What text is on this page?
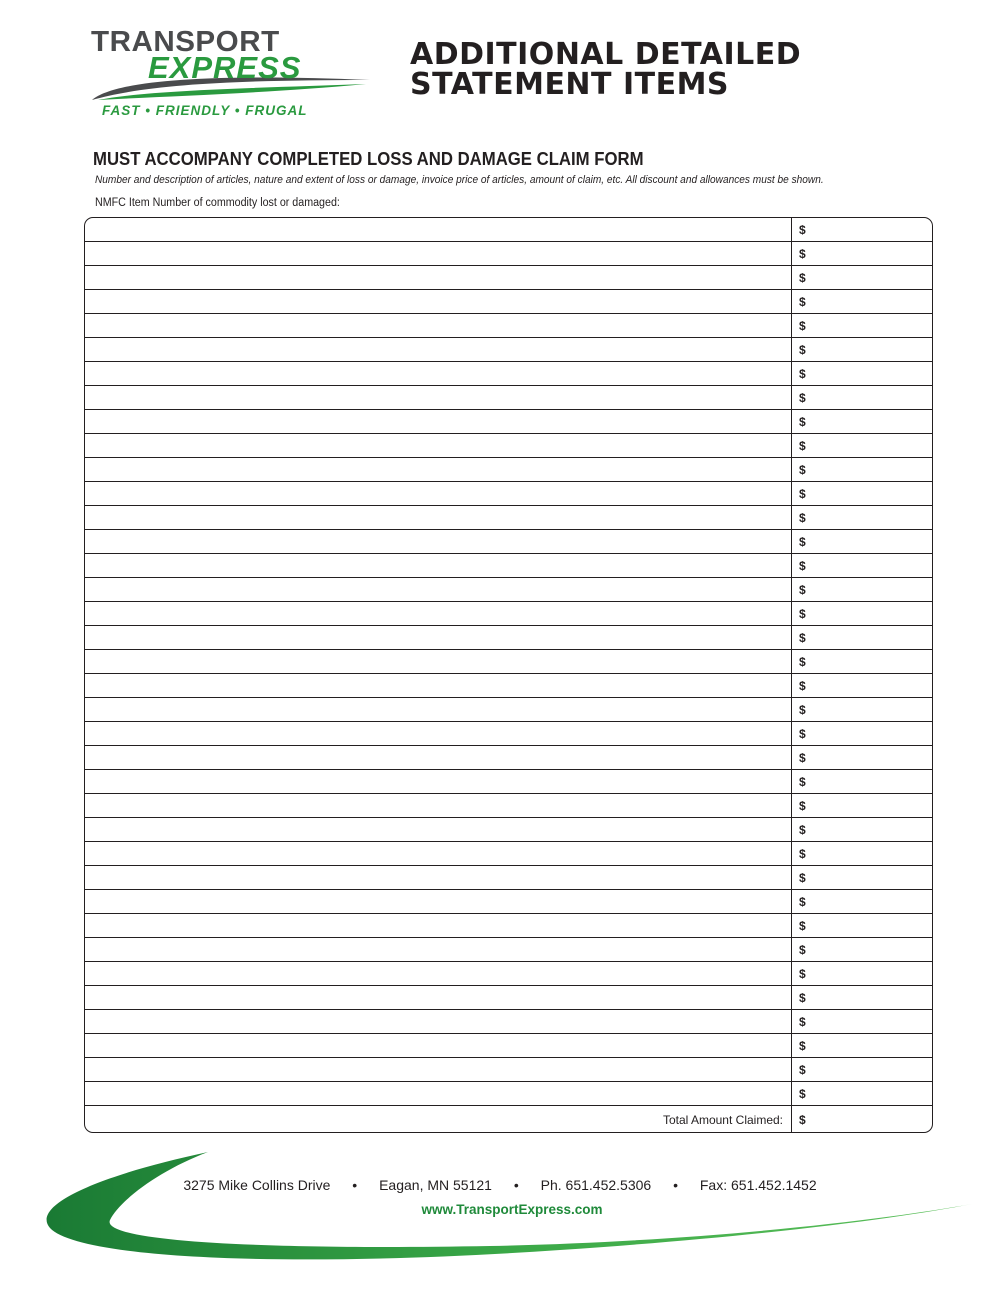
TRANSPORT
EXPRESS
FAST • FRIENDLY • FRUGAL
ADDITIONAL DETAILED
STATEMENT ITEMS
MUST ACCOMPANY COMPLETED LOSS AND DAMAGE CLAIM FORM
Number and description of articles, nature and extent of loss or damage, invoice price of articles, amount of claim, etc. All discount and allowances must be shown.
NMFC Item Number of commodity lost or damaged:
$
$
$
$
$
$
$
$
$
$
$
$
$
$
$
$
$
$
$
$
$
$
$
$
$
$
$
$
$
$
$
$
$
$
$
$
$
Total Amount Claimed:	$
3275 Mike Collins Drive • Eagan, MN 55121 • Ph. 651.452.5306 • Fax: 651.452.1452
www.TransportExpress.com
